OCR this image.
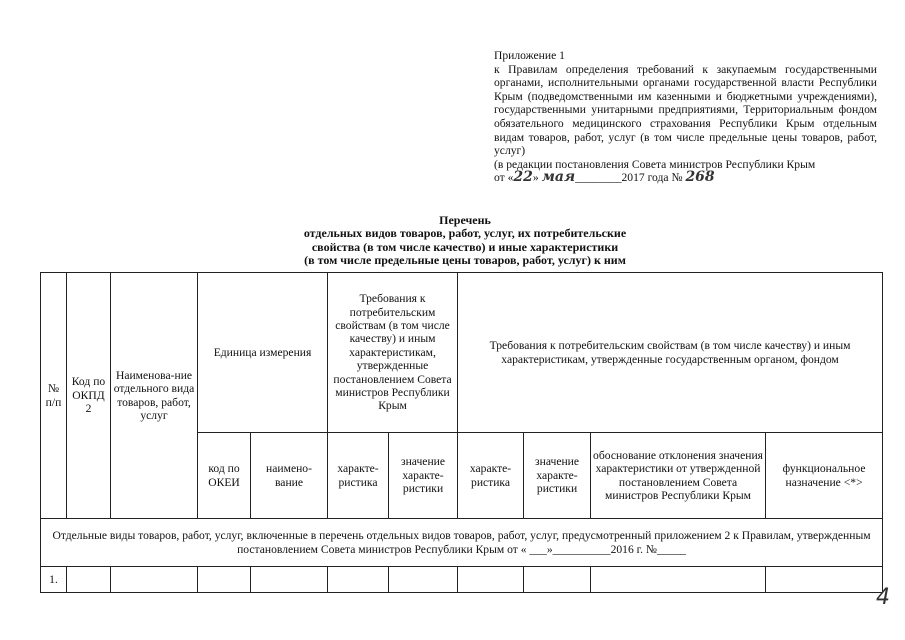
Приложение 1
к Правилам определения требований к закупаемым государственными органами, исполнительными органами государственной власти Республики Крым (подведомственными им казенными и бюджетными учреждениями), государственными унитарными предприятиями, Территориальным фондом обязательного медицинского страхования Республики Крым отдельным видам товаров, работ, услуг (в том числе предельные цены товаров, работ, услуг)
(в редакции постановления Совета министров Республики Крым
от «22» мая________2017 года № 268
Перечень
отдельных видов товаров, работ, услуг, их потребительские
свойства (в том числе качество) и иные характеристики
(в том числе предельные цены товаров, работ, услуг) к ним
№ п/п	Код по ОКПД 2	Наименова-ние отдельного вида товаров, работ, услуг	Единица измерения		Требования к потребительским свойствам (в том числе качеству) и иным характеристикам, утвержденные постановлением Совета министров Республики Крым		Требования к потребительским свойствам (в том числе качеству) и иным характеристикам, утвержденные государственным органом, фондом			
			код по ОКЕИ	наимено-вание	характе-ристика	значение характе-ристики	характе-ристика	значение характе-ристики	обоснование отклонения значения характеристики от утвержденной постановлением Совета министров Республики Крым	функциональное назначение <*>
Отдельные виды товаров, работ, услуг, включенные в перечень отдельных видов товаров, работ, услуг, предусмотренный приложением 2 к Правилам, утвержденным постановлением Совета министров Республики Крым от « ___»__________2016 г. №_____										
1.										
4
